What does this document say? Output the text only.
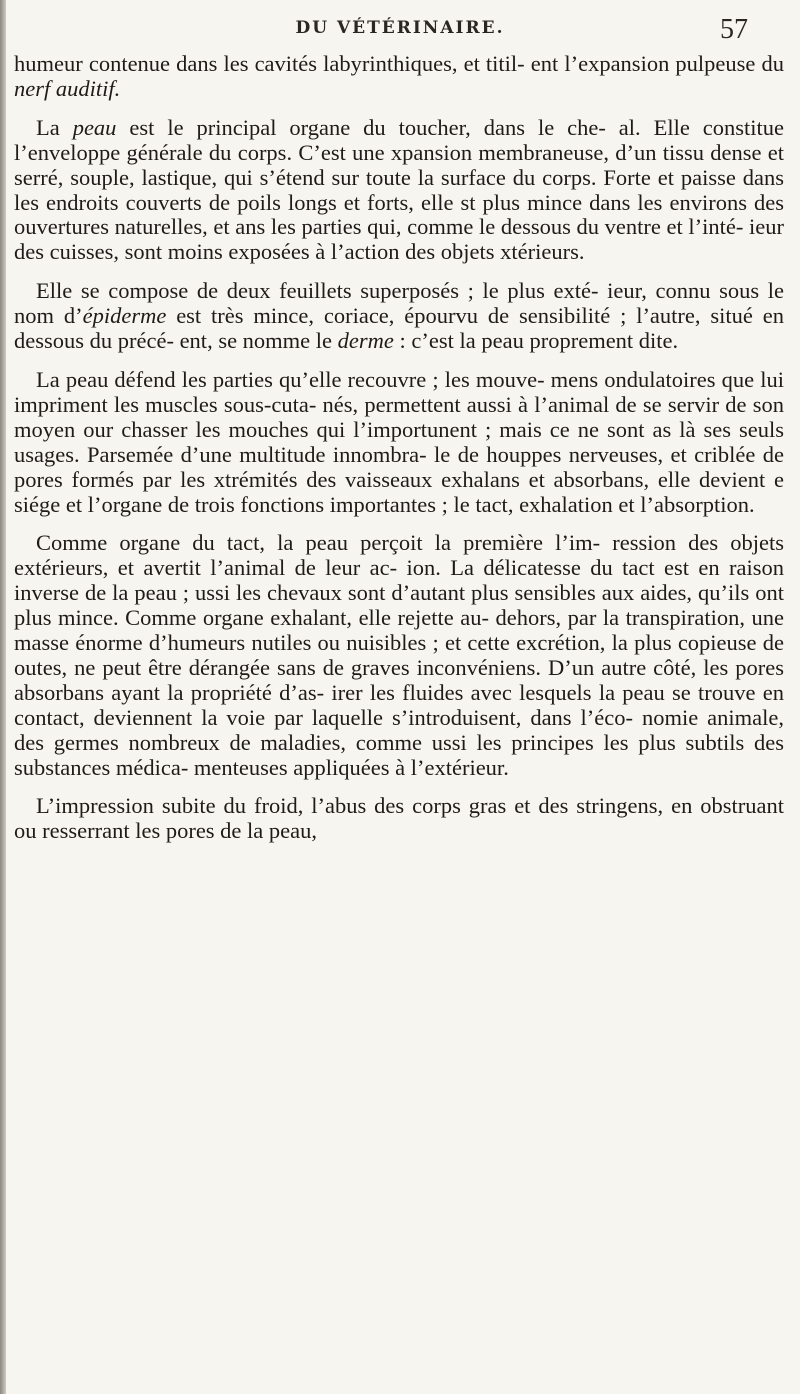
DU VÉTÉRINAIRE.	57

humeur contenue dans les cavités labyrinthiques, et titil- ent l’expansion pulpeuse du nerf auditif.

La peau est le principal organe du toucher, dans le che- al. Elle constitue l’enveloppe générale du corps. C’est une xpansion membraneuse, d’un tissu dense et serré, souple, lastique, qui s’étend sur toute la surface du corps. Forte et paisse dans les endroits couverts de poils longs et forts, elle st plus mince dans les environs des ouvertures naturelles, et ans les parties qui, comme le dessous du ventre et l’inté- ieur des cuisses, sont moins exposées à l’action des objets xtérieurs.

Elle se compose de deux feuillets superposés ; le plus exté- ieur, connu sous le nom d’épiderme est très mince, coriace, épourvu de sensibilité ; l’autre, situé en dessous du précé- ent, se nomme le derme : c’est la peau proprement dite.

La peau défend les parties qu’elle recouvre ; les mouve- mens ondulatoires que lui impriment les muscles sous-cuta- nés, permettent aussi à l’animal de se servir de son moyen our chasser les mouches qui l’importunent ; mais ce ne sont as là ses seuls usages. Parsemée d’une multitude innombra- le de houppes nerveuses, et criblée de pores formés par les xtrémités des vaisseaux exhalans et absorbans, elle devient e siége et l’organe de trois fonctions importantes ; le tact, exhalation et l’absorption.

Comme organe du tact, la peau perçoit la première l’im- ression des objets extérieurs, et avertit l’animal de leur ac- ion. La délicatesse du tact est en raison inverse de la peau ; ussi les chevaux sont d’autant plus sensibles aux aides, qu’ils ont plus mince. Comme organe exhalant, elle rejette au- dehors, par la transpiration, une masse énorme d’humeurs nutiles ou nuisibles ; et cette excrétion, la plus copieuse de outes, ne peut être dérangée sans de graves inconvéniens. D’un autre côté, les pores absorbans ayant la propriété d’as- irer les fluides avec lesquels la peau se trouve en contact, deviennent la voie par laquelle s’introduisent, dans l’éco- nomie animale, des germes nombreux de maladies, comme ussi les principes les plus subtils des substances médica- menteuses appliquées à l’extérieur.

L’impression subite du froid, l’abus des corps gras et des stringens, en obstruant ou resserrant les pores de la peau,
